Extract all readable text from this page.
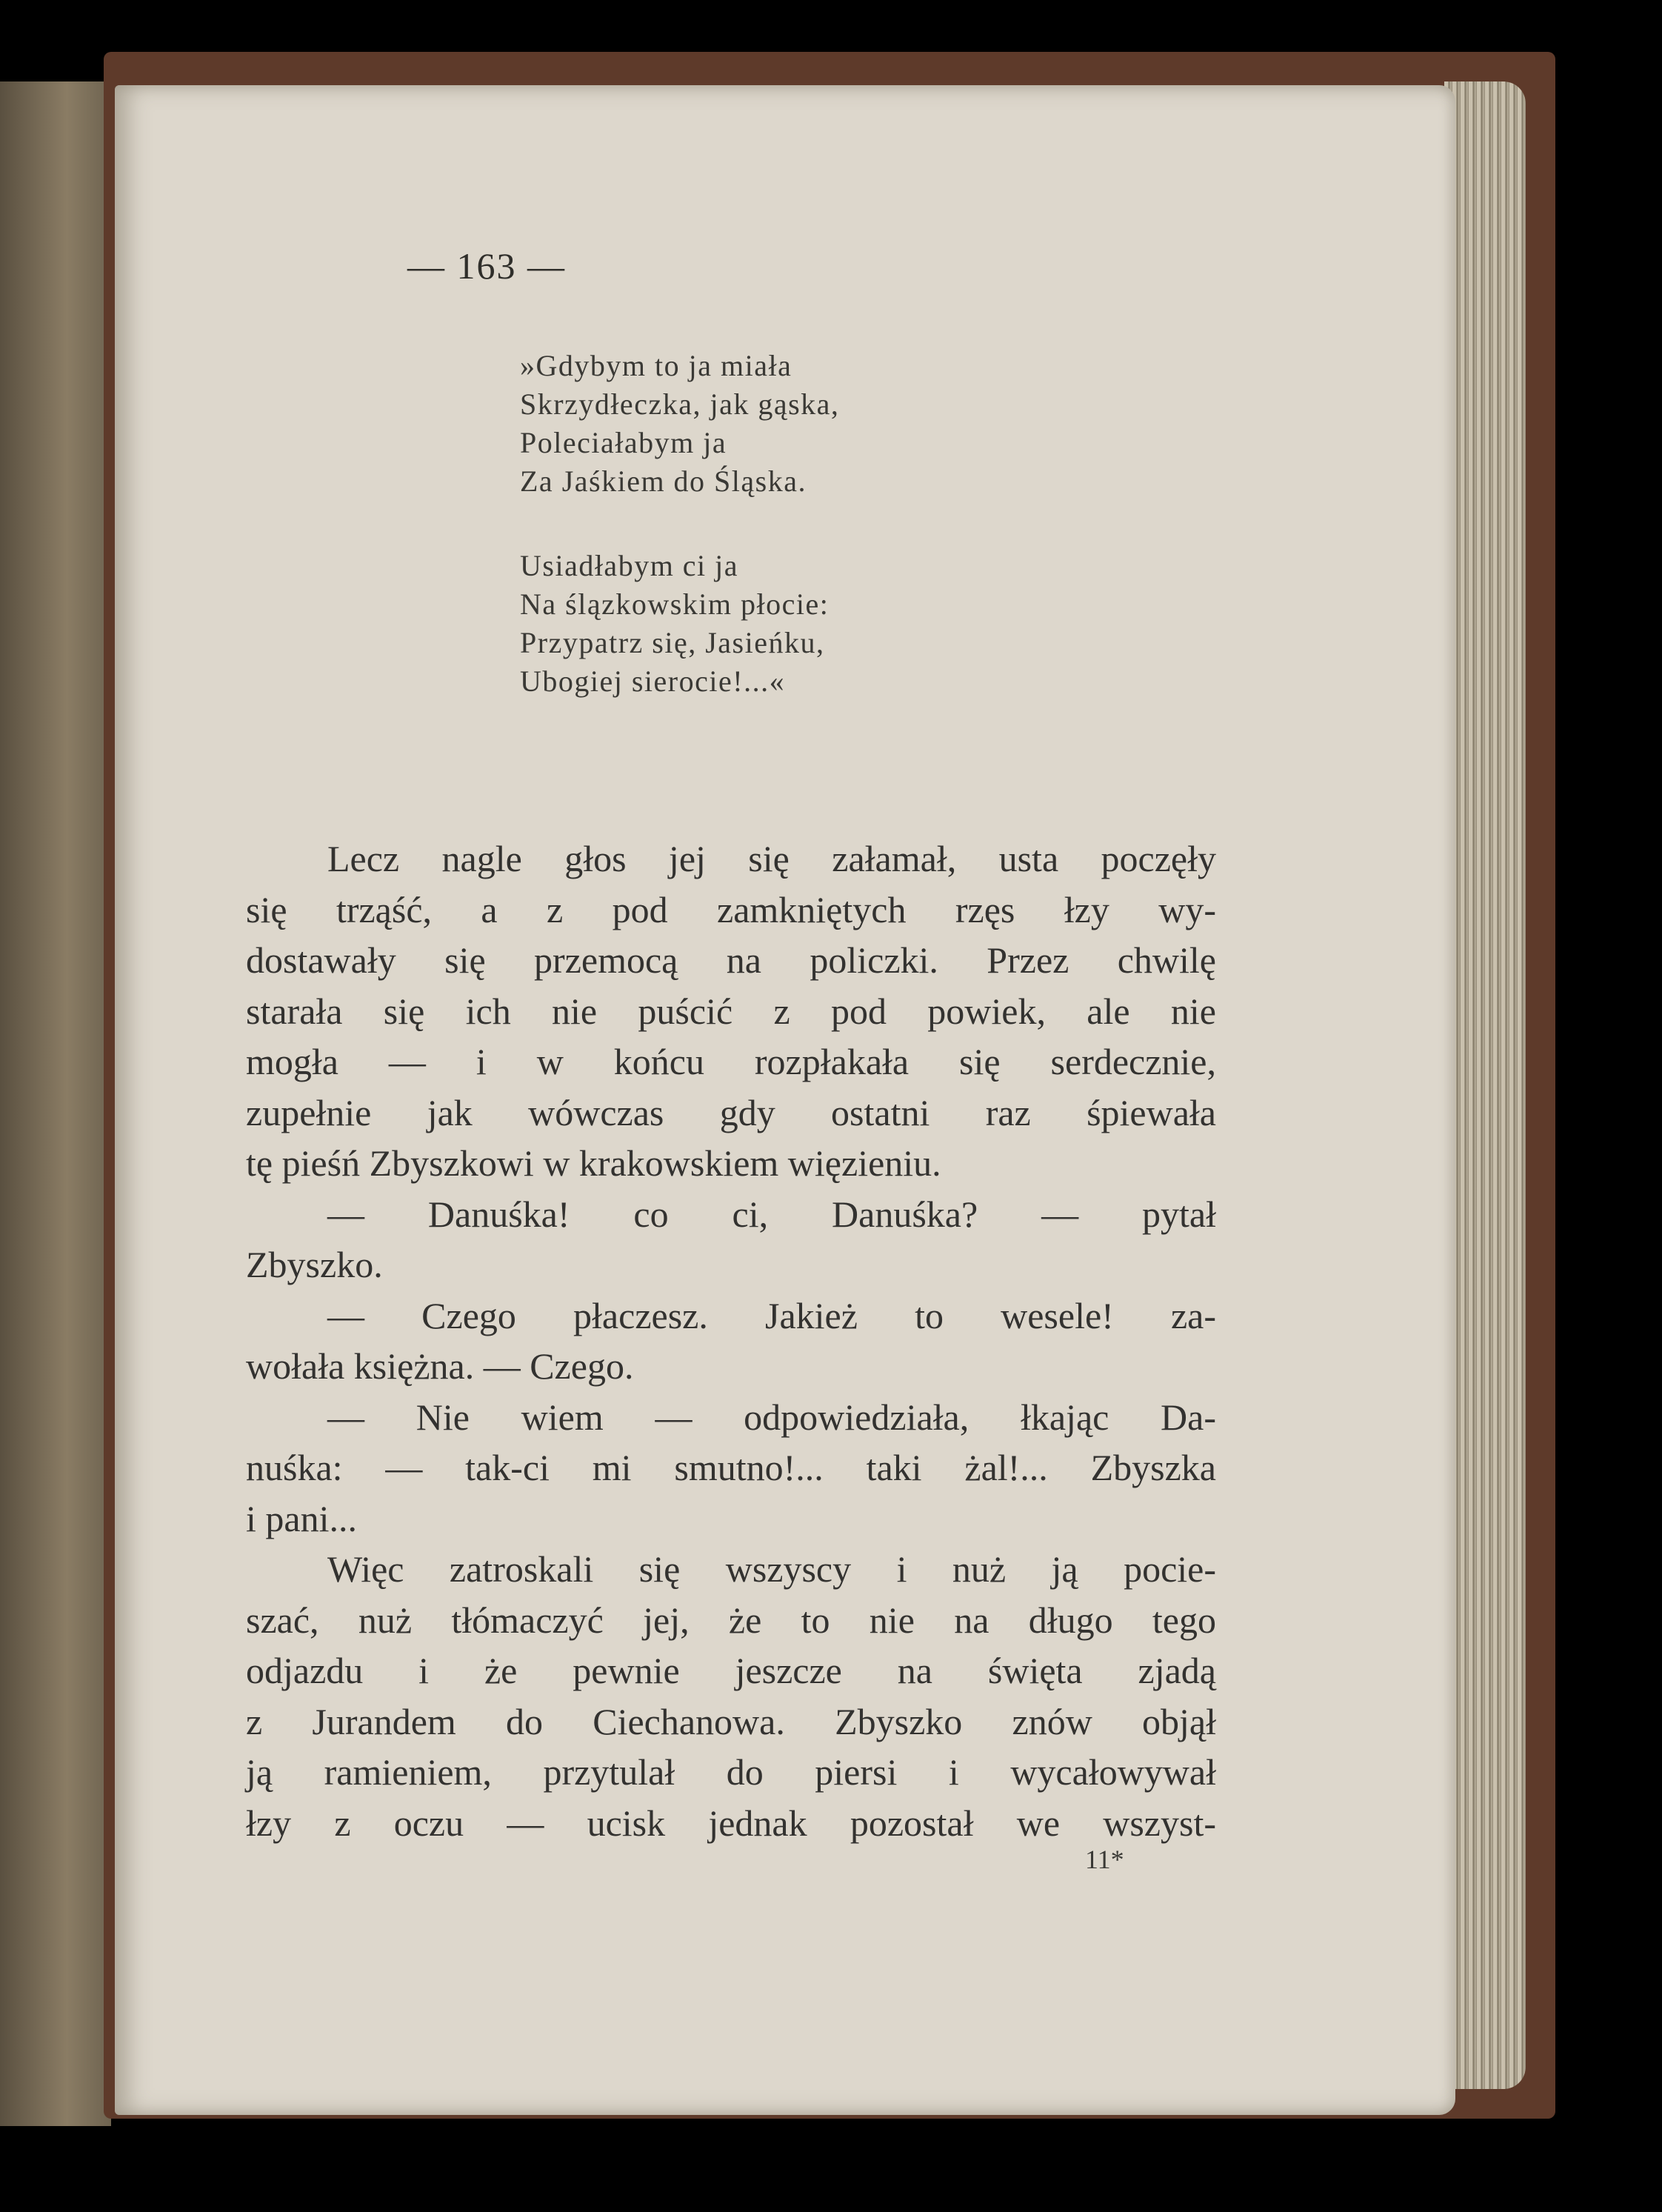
— 163 —
»Gdybym to ja miała
Skrzydłeczka, jak gąska,
Poleciałabym ja
Za Jaśkiem do Śląska.
Usiadłabym ci ja
Na ślązkowskim płocie:
Przypatrz się, Jasieńku,
Ubogiej sierocie!...«
Lecz nagle głos jej się załamał, usta poczęły
się trząść, a z pod zamkniętych rzęs łzy wy-
dostawały się przemocą na policzki. Przez chwilę
starała się ich nie puścić z pod powiek, ale nie
mogła — i w końcu rozpłakała się serdecznie,
zupełnie jak wówczas gdy ostatni raz śpiewała
tę pieśń Zbyszkowi w krakowskiem więzieniu.
— Danuśka! co ci, Danuśka? — pytał
Zbyszko.
— Czego płaczesz. Jakież to wesele! za-
wołała księżna. — Czego.
— Nie wiem — odpowiedziała, łkając Da-
nuśka: — tak-ci mi smutno!... taki żal!... Zbyszka
i pani...
Więc zatroskali się wszyscy i nuż ją pocie-
szać, nuż tłómaczyć jej, że to nie na długo tego
odjazdu i że pewnie jeszcze na święta zjadą
z Jurandem do Ciechanowa. Zbyszko znów objął
ją ramieniem, przytulał do piersi i wycałowywał
łzy z oczu — ucisk jednak pozostał we wszyst-
11*
